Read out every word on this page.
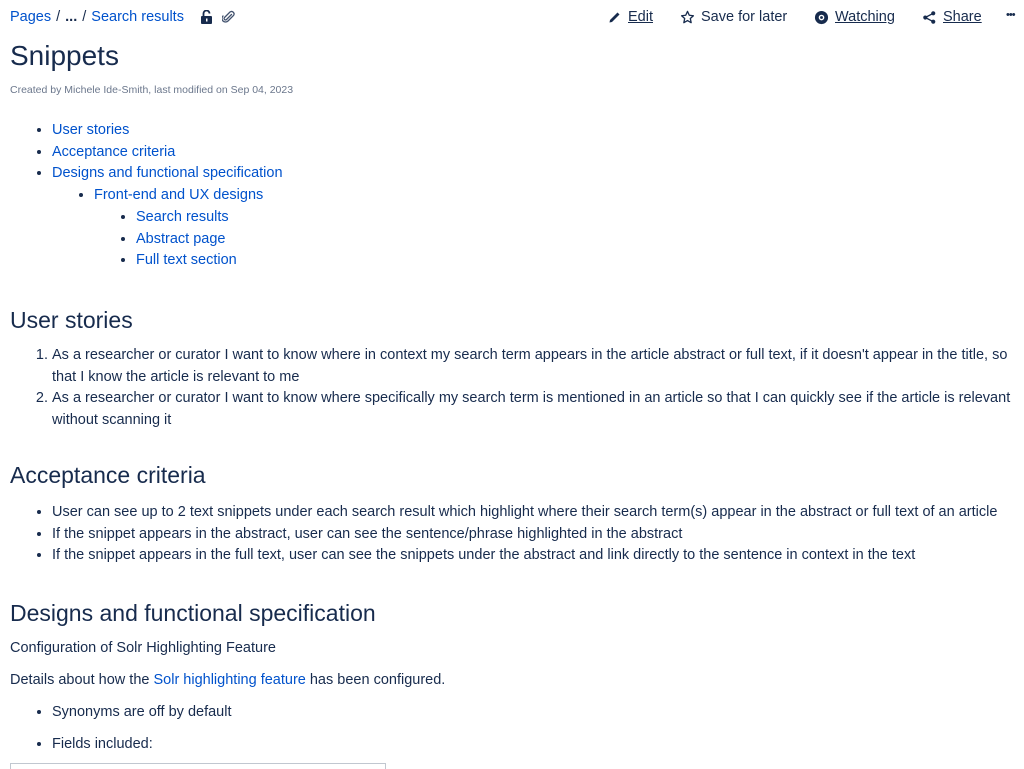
Pages / ... / Search results	Edit	Save for later	Watching	Share •••
Snippets
Created by Michele Ide-Smith, last modified on Sep 04, 2023
• User stories
• Acceptance criteria
• Designs and functional specification
• Front-end and UX designs
• Search results
• Abstract page
• Full text section
User stories
1. As a researcher or curator I want to know where in context my search term appears in the article abstract or full text, if it doesn't appear in the title, so that I know the article is relevant to me
2. As a researcher or curator I want to know where specifically my search term is mentioned in an article so that I can quickly see if the article is relevant without scanning it
Acceptance criteria
• User can see up to 2 text snippets under each search result which highlight where their search term(s) appear in the abstract or full text of an article
• If the snippet appears in the abstract, user can see the sentence/phrase highlighted in the abstract
• If the snippet appears in the full text, user can see the snippets under the abstract and link directly to the sentence in context in the text
Designs and functional specification
Configuration of Solr Highlighting Feature
Details about how the Solr highlighting feature has been configured.
• Synonyms are off by default
• Fields included:
